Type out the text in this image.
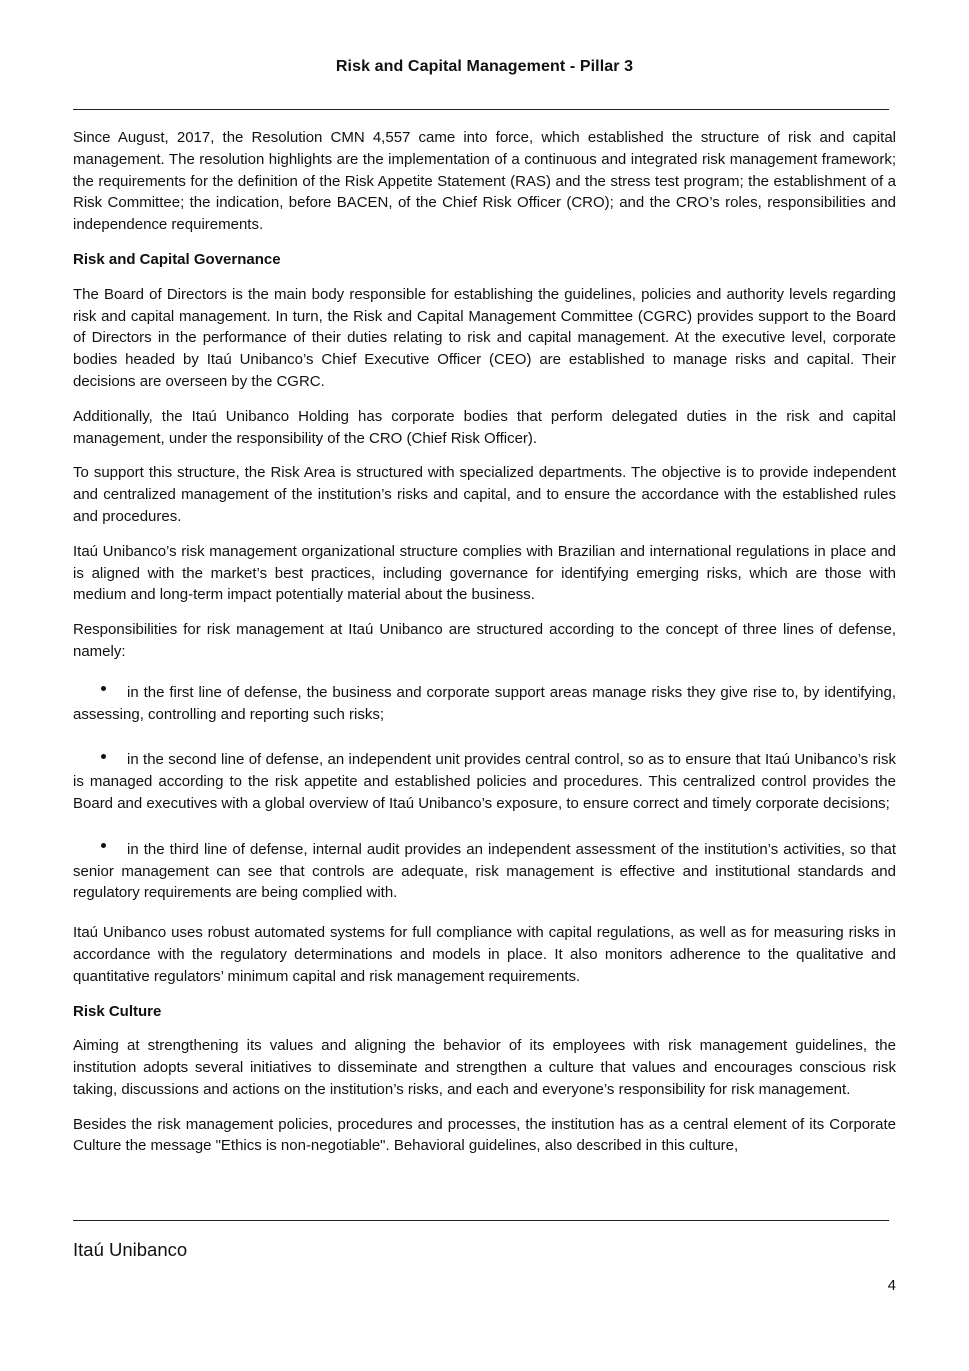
Risk and Capital Management - Pillar 3

Since August, 2017, the Resolution CMN 4,557 came into force, which established the structure of risk and capital management. The resolution highlights are the implementation of a continuous and integrated risk management framework; the requirements for the definition of the Risk Appetite Statement (RAS) and the stress test program; the establishment of a Risk Committee; the indication, before BACEN, of the Chief Risk Officer (CRO); and the CRO’s roles, responsibilities and independence requirements.

Risk and Capital Governance

The Board of Directors is the main body responsible for establishing the guidelines, policies and authority levels regarding risk and capital management. In turn, the Risk and Capital Management Committee (CGRC) provides support to the Board of Directors in the performance of their duties relating to risk and capital management. At the executive level, corporate bodies headed by Itaú Unibanco’s Chief Executive Officer (CEO) are established to manage risks and capital. Their decisions are overseen by the CGRC.

Additionally, the Itaú Unibanco Holding has corporate bodies that perform delegated duties in the risk and capital management, under the responsibility of the CRO (Chief Risk Officer).

To support this structure, the Risk Area is structured with specialized departments. The objective is to provide independent and centralized management of the institution’s risks and capital, and to ensure the accordance with the established rules and procedures.

Itaú Unibanco’s risk management organizational structure complies with Brazilian and international regulations in place and is aligned with the market’s best practices, including governance for identifying emerging risks, which are those with medium and long-term impact potentially material about the business.

Responsibilities for risk management at Itaú Unibanco are structured according to the concept of three lines of defense, namely:

in the first line of defense, the business and corporate support areas manage risks they give rise to, by identifying, assessing, controlling and reporting such risks;
in the second line of defense, an independent unit provides central control, so as to ensure that Itaú Unibanco’s risk is managed according to the risk appetite and established policies and procedures. This centralized control provides the Board and executives with a global overview of Itaú Unibanco’s exposure, to ensure correct and timely corporate decisions;
in the third line of defense, internal audit provides an independent assessment of the institution’s activities, so that senior management can see that controls are adequate, risk management is effective and institutional standards and regulatory requirements are being complied with.

Itaú Unibanco uses robust automated systems for full compliance with capital regulations, as well as for measuring risks in accordance with the regulatory determinations and models in place. It also monitors adherence to the qualitative and quantitative regulators’ minimum capital and risk management requirements.

Risk Culture

Aiming at strengthening its values and aligning the behavior of its employees with risk management guidelines, the institution adopts several initiatives to disseminate and strengthen a culture that values and encourages conscious risk taking, discussions and actions on the institution’s risks, and each and everyone’s responsibility for risk management.

Besides the risk management policies, procedures and processes, the institution has as a central element of its Corporate Culture the message "Ethics is non-negotiable". Behavioral guidelines, also described in this culture,

Itaú Unibanco
4
